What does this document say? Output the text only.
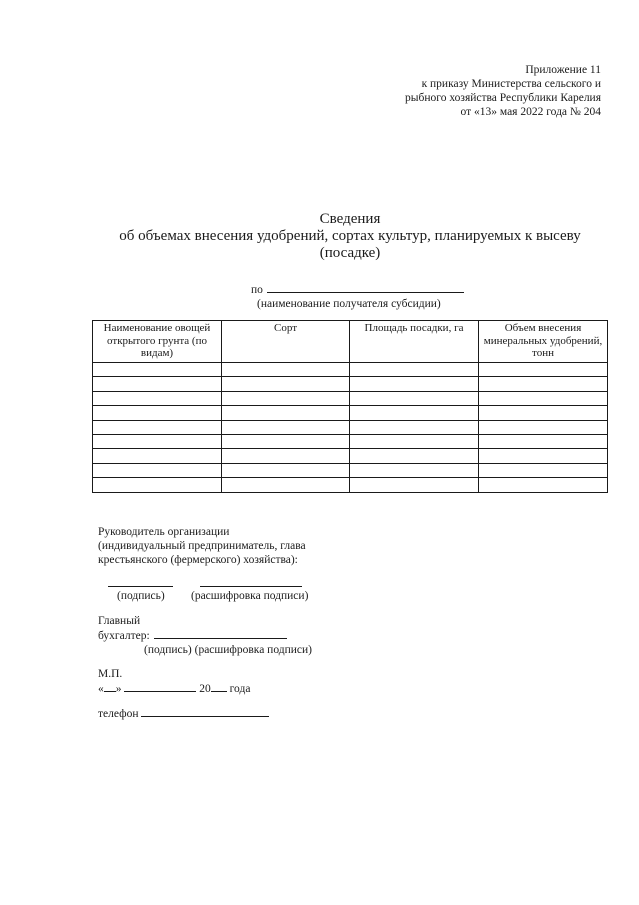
Приложение 11
к приказу Министерства сельского и
рыбного хозяйства Республики Карелия
от «13» мая 2022 года № 204
Сведения
об объемах внесения удобрений, сортах культур, планируемых к высеву
(посадке)
по
(наименование получателя субсидии)
Наименование овощей открытого грунта (по видам)	Сорт	Площадь посадки, га	Объем внесения минеральных удобрений, тонн

Руководитель организации
(индивидуальный предприниматель, глава
крестьянского (фермерского) хозяйства):
(подпись) (расшифровка подписи)
Главный
бухгалтер:
(подпись) (расшифровка подписи)
М.П.
« »	20 года
телефон
